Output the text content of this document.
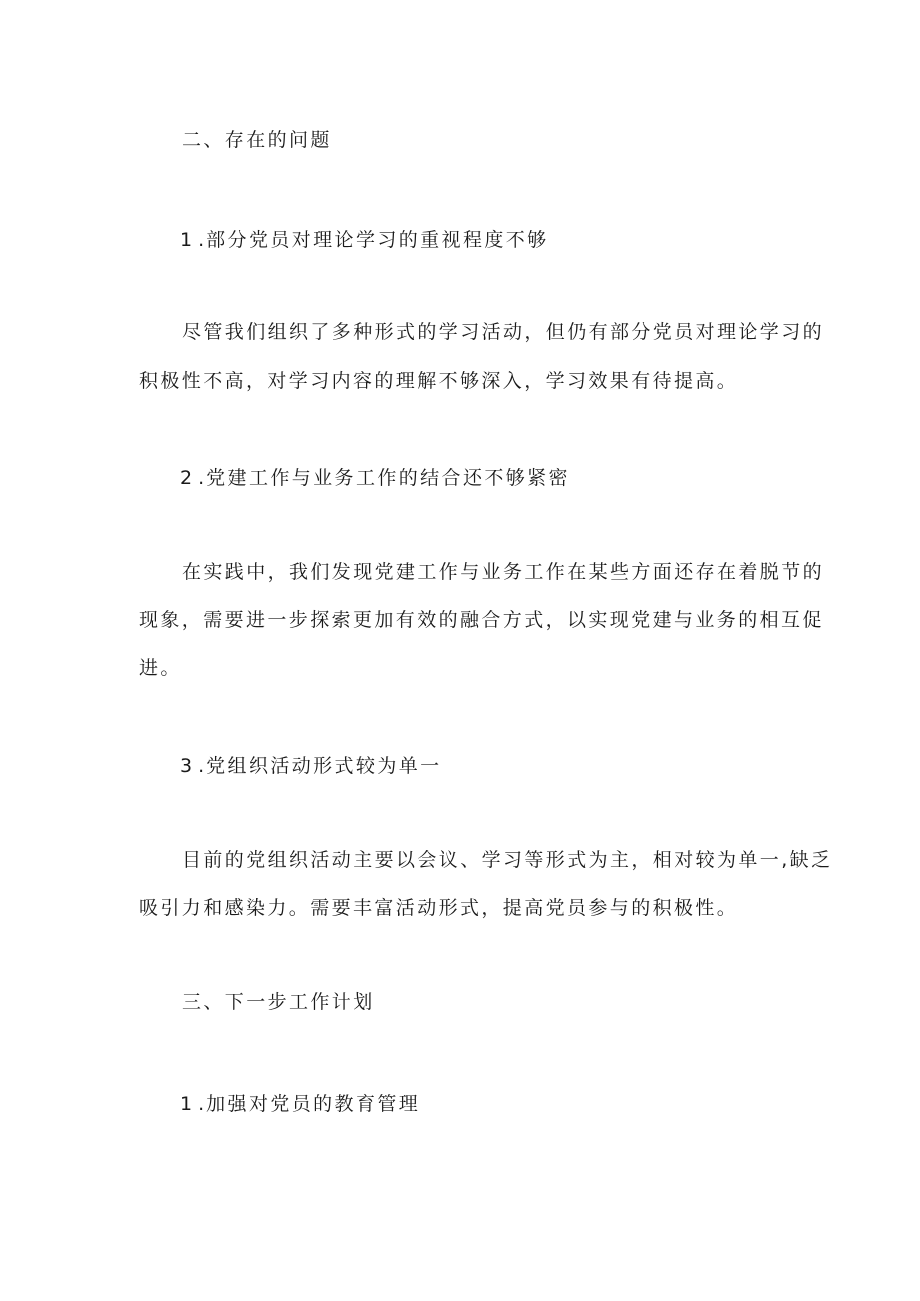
二、存在的问题

1 . 部分党员对理论学习的重视程度不够

尽管我们组织了多种形式的学习活动，但仍有部分党员对理论学习的

积极性不高，对学习内容的理解不够深入，学习效果有待提高。

2 . 党建工作与业务工作的结合还不够紧密

在实践中，我们发现党建工作与业务工作在某些方面还存在着脱节的

现象，需要进一步探索更加有效的融合方式，以实现党建与业务的相互促

进。

3 . 党组织活动形式较为单一

目前的党组织活动主要以会议、学习等形式为主，相对较为单一,缺乏

吸引力和感染力。需要丰富活动形式，提高党员参与的积极性。

三、下一步工作计划

1 . 加强对党员的教育管理
